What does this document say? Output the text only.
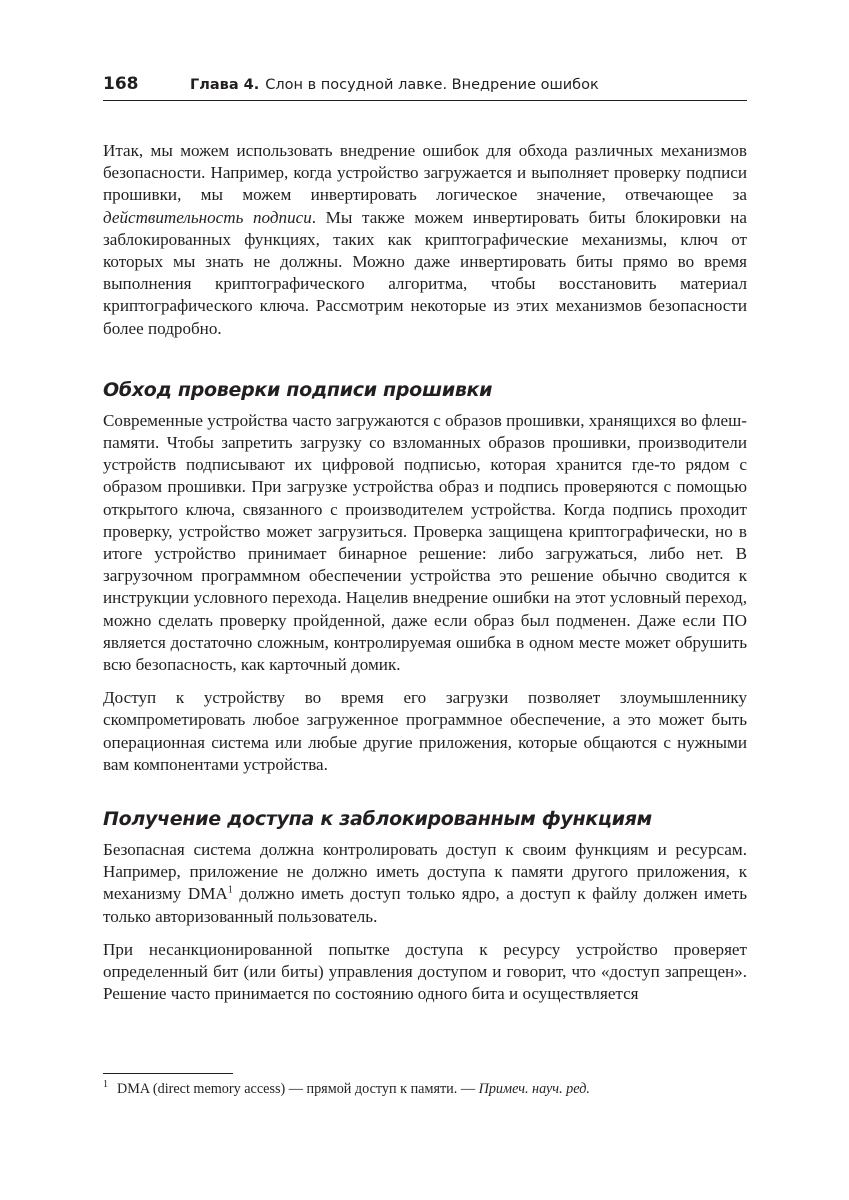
168	Глава 4. Слон в посудной лавке. Внедрение ошибок

Итак, мы можем использовать внедрение ошибок для обхода различных механизмов безопасности. Например, когда устройство загружается и выполняет проверку подписи прошивки, мы можем инвертировать логическое значение, отвечающее за действительность подписи. Мы также можем инвертировать биты блокировки на заблокированных функциях, таких как криптографические механизмы, ключ от которых мы знать не должны. Можно даже инвертировать биты прямо во время выполнения криптографического алгоритма, чтобы восстановить материал криптографического ключа. Рассмотрим некоторые из этих механизмов безопасности более подробно.

Обход проверки подписи прошивки

Современные устройства часто загружаются с образов прошивки, хранящихся во флеш-памяти. Чтобы запретить загрузку со взломанных образов прошивки, производители устройств подписывают их цифровой подписью, которая хранится где-то рядом с образом прошивки. При загрузке устройства образ и подпись проверяются с помощью открытого ключа, связанного с производителем устройства. Когда подпись проходит проверку, устройство может загрузиться. Проверка защищена криптографически, но в итоге устройство принимает бинарное решение: либо загружаться, либо нет. В загрузочном программном обеспечении устройства это решение обычно сводится к инструкции условного перехода. Нацелив внедрение ошибки на этот условный переход, можно сделать проверку пройденной, даже если образ был подменен. Даже если ПО является достаточно сложным, контролируемая ошибка в одном месте может обрушить всю безопасность, как карточный домик.

Доступ к устройству во время его загрузки позволяет злоумышленнику скомпрометировать любое загруженное программное обеспечение, а это может быть операционная система или любые другие приложения, которые общаются с нужными вам компонентами устройства.

Получение доступа к заблокированным функциям

Безопасная система должна контролировать доступ к своим функциям и ресурсам. Например, приложение не должно иметь доступа к памяти другого приложения, к механизму DMA$^1$ должно иметь доступ только ядро, а доступ к файлу должен иметь только авторизованный пользователь.

При несанкционированной попытке доступа к ресурсу устройство проверяет определенный бит (или биты) управления доступом и говорит, что «доступ запрещен». Решение часто принимается по состоянию одного бита и осуществляется

$^1$ DMA (direct memory access) — прямой доступ к памяти. — Примеч. науч. ред.
